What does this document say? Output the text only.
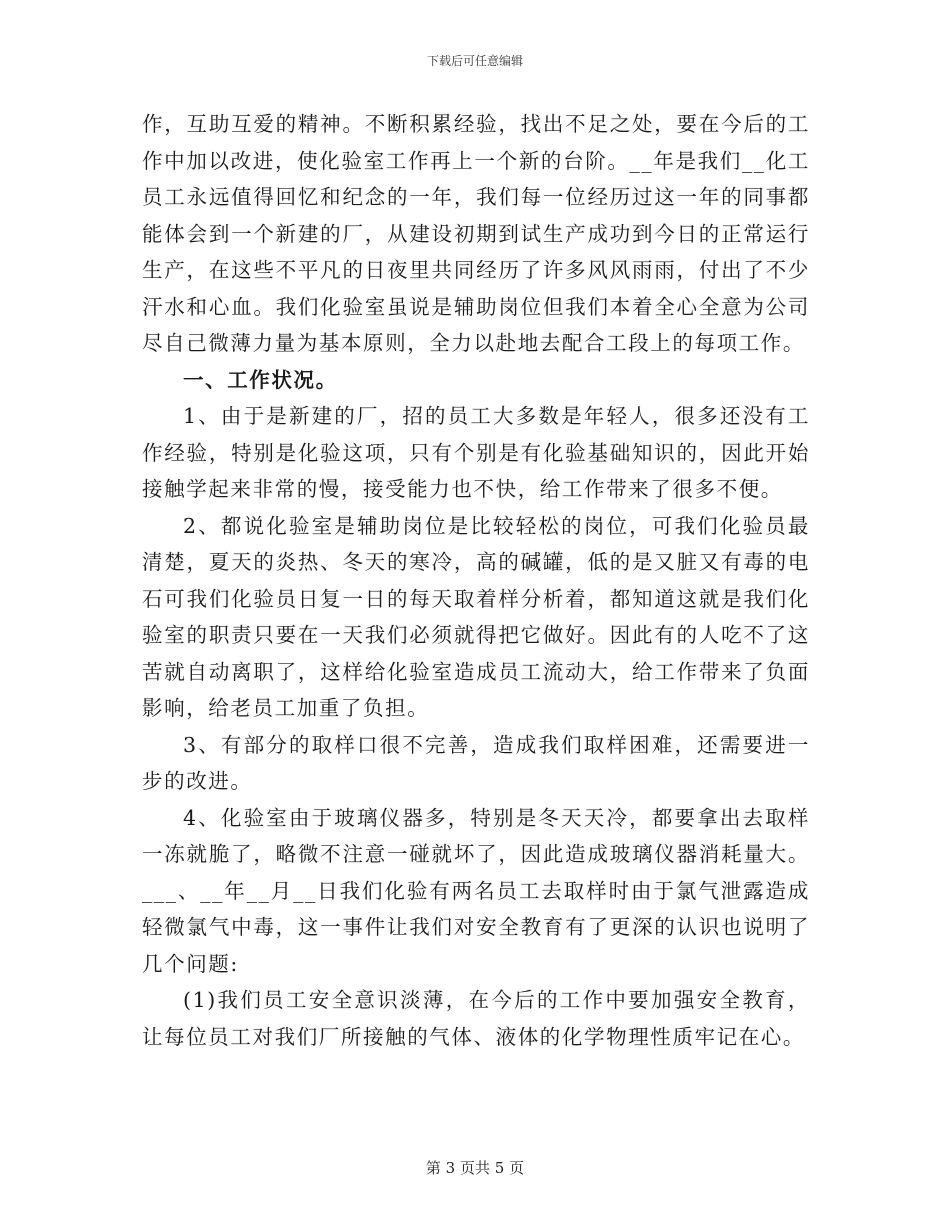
下载后可任意编辑

作，互助互爱的精神。不断积累经验，找出不足之处，要在今后的工作中加以改进，使化验室工作再上一个新的台阶。__年是我们__化工员工永远值得回忆和纪念的一年，我们每一位经历过这一年的同事都能体会到一个新建的厂，从建设初期到试生产成功到今日的正常运行生产，在这些不平凡的日夜里共同经历了许多风风雨雨，付出了不少汗水和心血。我们化验室虽说是辅助岗位但我们本着全心全意为公司尽自己微薄力量为基本原则，全力以赴地去配合工段上的每项工作。

一、工作状况。

1、由于是新建的厂，招的员工大多数是年轻人，很多还没有工作经验，特别是化验这项，只有个别是有化验基础知识的，因此开始接触学起来非常的慢，接受能力也不快，给工作带来了很多不便。

2、都说化验室是辅助岗位是比较轻松的岗位，可我们化验员最清楚，夏天的炎热、冬天的寒冷，高的碱罐，低的是又脏又有毒的电石可我们化验员日复一日的每天取着样分析着，都知道这就是我们化验室的职责只要在一天我们必须就得把它做好。因此有的人吃不了这苦就自动离职了，这样给化验室造成员工流动大，给工作带来了负面影响，给老员工加重了负担。

3、有部分的取样口很不完善，造成我们取样困难，还需要进一步的改进。

4、化验室由于玻璃仪器多，特别是冬天天冷，都要拿出去取样一冻就脆了，略微不注意一碰就坏了，因此造成玻璃仪器消耗量大。___、__年__月__日我们化验有两名员工去取样时由于氯气泄露造成轻微氯气中毒，这一事件让我们对安全教育有了更深的认识也说明了几个问题:

(1)我们员工安全意识淡薄，在今后的工作中要加强安全教育，让每位员工对我们厂所接触的气体、液体的化学物理性质牢记在心。

第 3 页共 5 页
